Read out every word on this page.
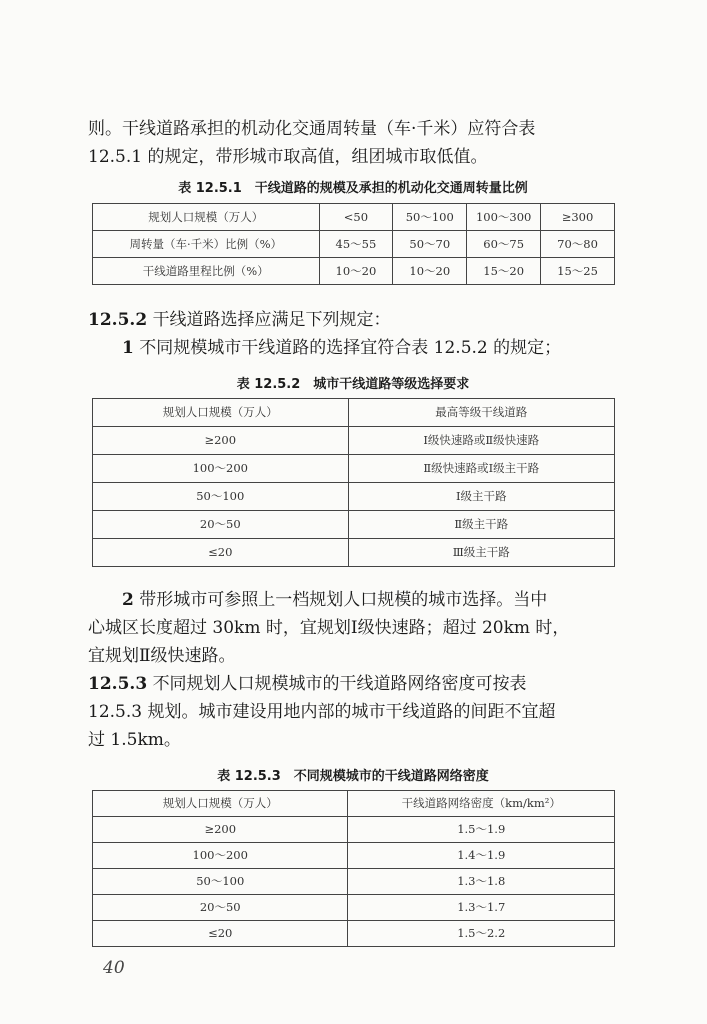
则。干线道路承担的机动化交通周转量（车·千米）应符合表
12.5.1 的规定，带形城市取高值，组团城市取低值。

表 12.5.1　干线道路的规模及承担的机动化交通周转量比例

规划人口规模（万人）	<50	50～100	100～300	≥300
周转量（车·千米）比例（%）	45～55	50～70	60～75	70～80
干线道路里程比例（%）	10～20	10～20	15～20	15～25

12.5.2 干线道路选择应满足下列规定：
1 不同规模城市干线道路的选择宜符合表 12.5.2 的规定；

表 12.5.2　城市干线道路等级选择要求

规划人口规模（万人）	最高等级干线道路
≥200	Ⅰ级快速路或Ⅱ级快速路
100～200	Ⅱ级快速路或Ⅰ级主干路
50～100	Ⅰ级主干路
20～50	Ⅱ级主干路
≤20	Ⅲ级主干路

2 带形城市可参照上一档规划人口规模的城市选择。当中
心城区长度超过 30km 时，宜规划Ⅰ级快速路；超过 20km 时，
宜规划Ⅱ级快速路。

12.5.3 不同规划人口规模城市的干线道路网络密度可按表
12.5.3 规划。城市建设用地内部的城市干线道路的间距不宜超
过 1.5km。

表 12.5.3　不同规模城市的干线道路网络密度

规划人口规模（万人）	干线道路网络密度（km/km²）
≥200	1.5～1.9
100～200	1.4～1.9
50～100	1.3～1.8
20～50	1.3～1.7
≤20	1.5～2.2
40
